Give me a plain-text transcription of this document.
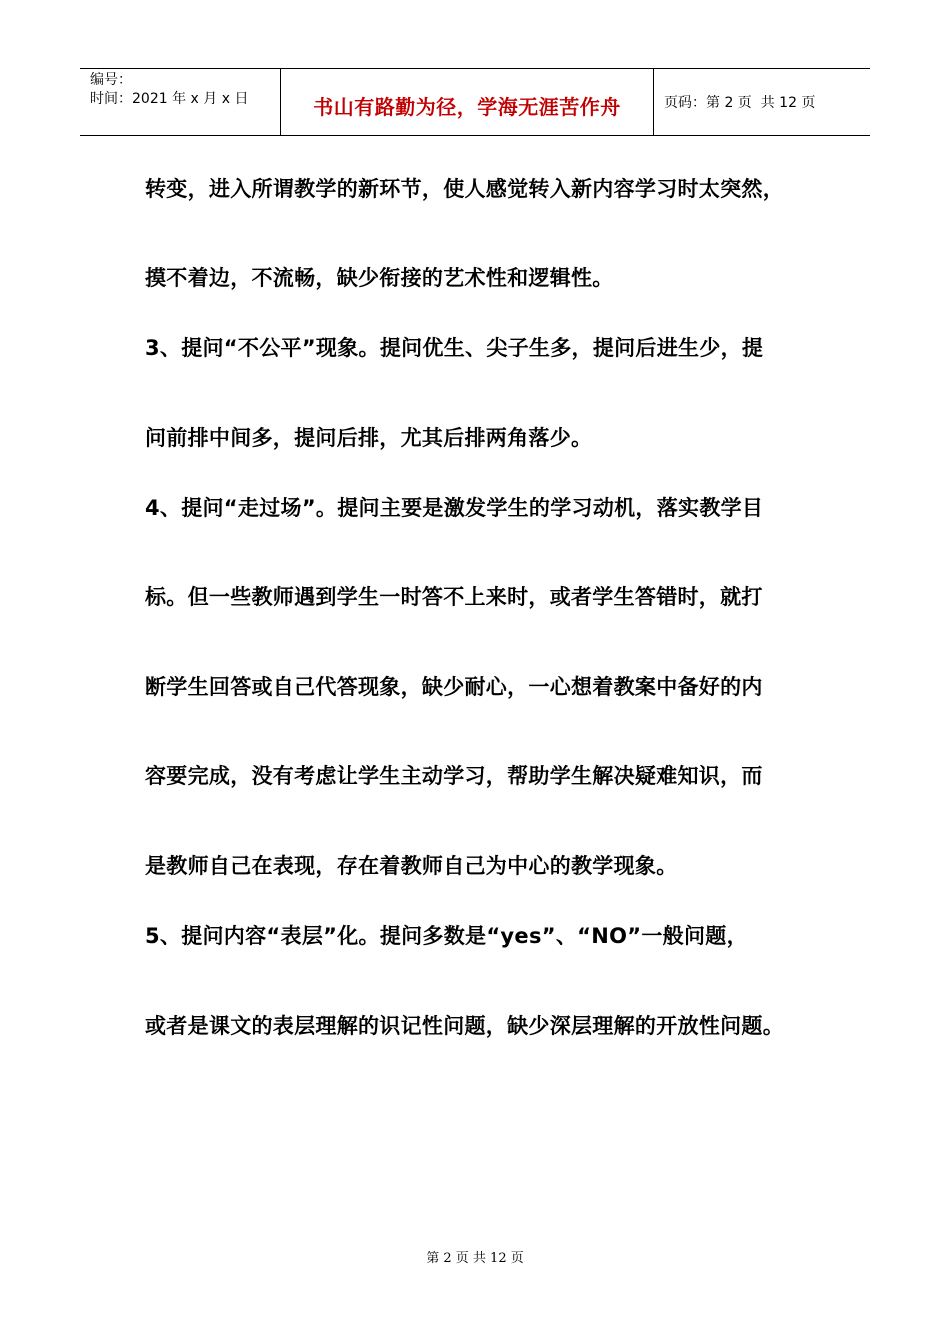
编号：
时间：2021 年 x 月 x 日	书山有路勤为径，学海无涯苦作舟	页码：第 2 页  共 12 页
转变，进入所谓教学的新环节，使人感觉转入新内容学习时太突然，
摸不着边，不流畅，缺少衔接的艺术性和逻辑性。
3、提问“不公平”现象。提问优生、尖子生多，提问后进生少，提
问前排中间多，提问后排，尤其后排两角落少。
4、提问“走过场”。提问主要是激发学生的学习动机，落实教学目
标。但一些教师遇到学生一时答不上来时，或者学生答错时，就打
断学生回答或自己代答现象，缺少耐心，一心想着教案中备好的内
容要完成，没有考虑让学生主动学习，帮助学生解决疑难知识，而
是教师自己在表现，存在着教师自己为中心的教学现象。
5、提问内容“表层”化。提问多数是“yes”、“NO”一般问题，
或者是课文的表层理解的识记性问题，缺少深层理解的开放性问题。
第 2 页 共 12 页
